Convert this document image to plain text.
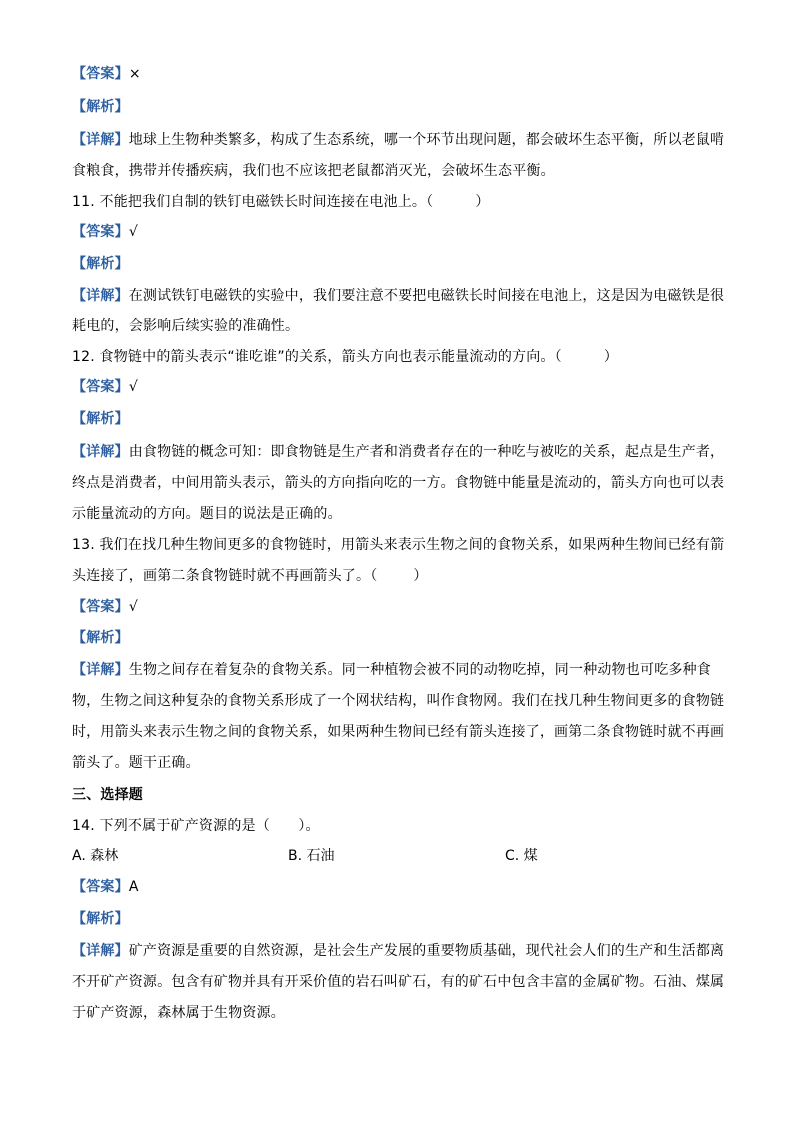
【答案】×
【解析】
【详解】地球上生物种类繁多，构成了生态系统，哪一个环节出现问题，都会破坏生态平衡，所以老鼠啃
食粮食，携带并传播疾病，我们也不应该把老鼠都消灭光，会破坏生态平衡。
11. 不能把我们自制的铁钉电磁铁长时间连接在电池上。（	）
【答案】√
【解析】
【详解】在测试铁钉电磁铁的实验中，我们要注意不要把电磁铁长时间接在电池上，这是因为电磁铁是很
耗电的，会影响后续实验的准确性。
12. 食物链中的箭头表示“谁吃谁”的关系，箭头方向也表示能量流动的方向。（	）
【答案】√
【解析】
【详解】由食物链的概念可知：即食物链是生产者和消费者存在的一种吃与被吃的关系，起点是生产者，
终点是消费者，中间用箭头表示，箭头的方向指向吃的一方。食物链中能量是流动的，箭头方向也可以表
示能量流动的方向。题目的说法是正确的。
13. 我们在找几种生物间更多的食物链时，用箭头来表示生物之间的食物关系，如果两种生物间已经有箭
头连接了，画第二条食物链时就不再画箭头了。（	）
【答案】√
【解析】
【详解】生物之间存在着复杂的食物关系。同一种植物会被不同的动物吃掉，同一种动物也可吃多种食
物，生物之间这种复杂的食物关系形成了一个网状结构，叫作食物网。我们在找几种生物间更多的食物链
时，用箭头来表示生物之间的食物关系，如果两种生物间已经有箭头连接了，画第二条食物链时就不再画
箭头了。题干正确。
三、选择题
14. 下列不属于矿产资源的是（　　）。
A. 森林	B. 石油	C. 煤
【答案】A
【解析】
【详解】矿产资源是重要的自然资源，是社会生产发展的重要物质基础，现代社会人们的生产和生活都离
不开矿产资源。包含有矿物并具有开采价值的岩石叫矿石，有的矿石中包含丰富的金属矿物。石油、煤属
于矿产资源，森林属于生物资源。
